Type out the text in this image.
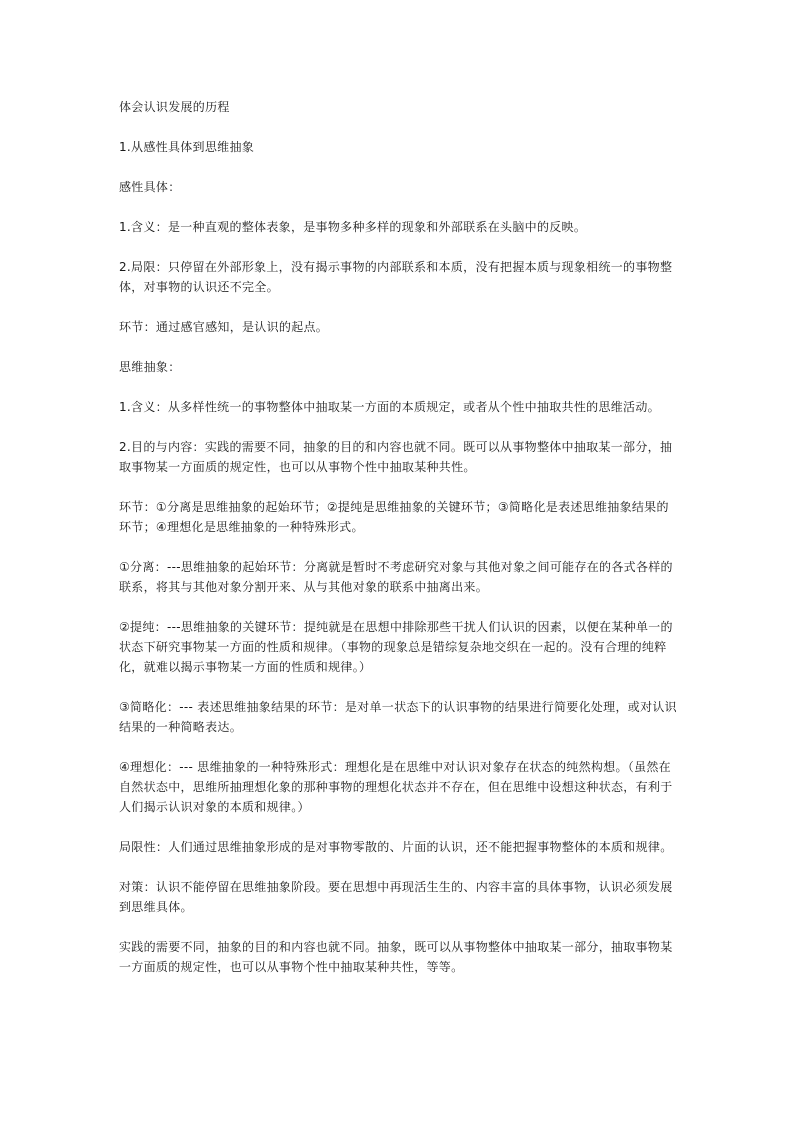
体会认识发展的历程

1.从感性具体到思维抽象

感性具体：

1.含义：是一种直观的整体表象，是事物多种多样的现象和外部联系在头脑中的反映。

2.局限：只停留在外部形象上，没有揭示事物的内部联系和本质，没有把握本质与现象相统一的事物整体，对事物的认识还不完全。

环节：通过感官感知，是认识的起点。

思维抽象：

1.含义：从多样性统一的事物整体中抽取某一方面的本质规定，或者从个性中抽取共性的思维活动。

2.目的与内容：实践的需要不同，抽象的目的和内容也就不同。既可以从事物整体中抽取某一部分，抽取事物某一方面质的规定性，也可以从事物个性中抽取某种共性。

环节：①分离是思维抽象的起始环节；②提纯是思维抽象的关键环节；③简略化是表述思维抽象结果的环节；④理想化是思维抽象的一种特殊形式。

①分离：---思维抽象的起始环节：分离就是暂时不考虑研究对象与其他对象之间可能存在的各式各样的联系，将其与其他对象分割开来、从与其他对象的联系中抽离出来。

②提纯：---思维抽象的关键环节：提纯就是在思想中排除那些干扰人们认识的因素，以便在某种单一的状态下研究事物某一方面的性质和规律。（事物的现象总是错综复杂地交织在一起的。没有合理的纯粹化，就难以揭示事物某一方面的性质和规律。）

③简略化：--- 表述思维抽象结果的环节：是对单一状态下的认识事物的结果进行简要化处理，或对认识结果的一种简略表达。

④理想化：--- 思维抽象的一种特殊形式：理想化是在思维中对认识对象存在状态的纯然构想。（虽然在自然状态中，思维所抽理想化象的那种事物的理想化状态并不存在，但在思维中设想这种状态，有利于人们揭示认识对象的本质和规律。）

局限性：人们通过思维抽象形成的是对事物零散的、片面的认识，还不能把握事物整体的本质和规律。

对策：认识不能停留在思维抽象阶段。要在思想中再现活生生的、内容丰富的具体事物，认识必须发展到思维具体。

实践的需要不同，抽象的目的和内容也就不同。抽象，既可以从事物整体中抽取某一部分，抽取事物某一方面质的规定性，也可以从事物个性中抽取某种共性，等等。
